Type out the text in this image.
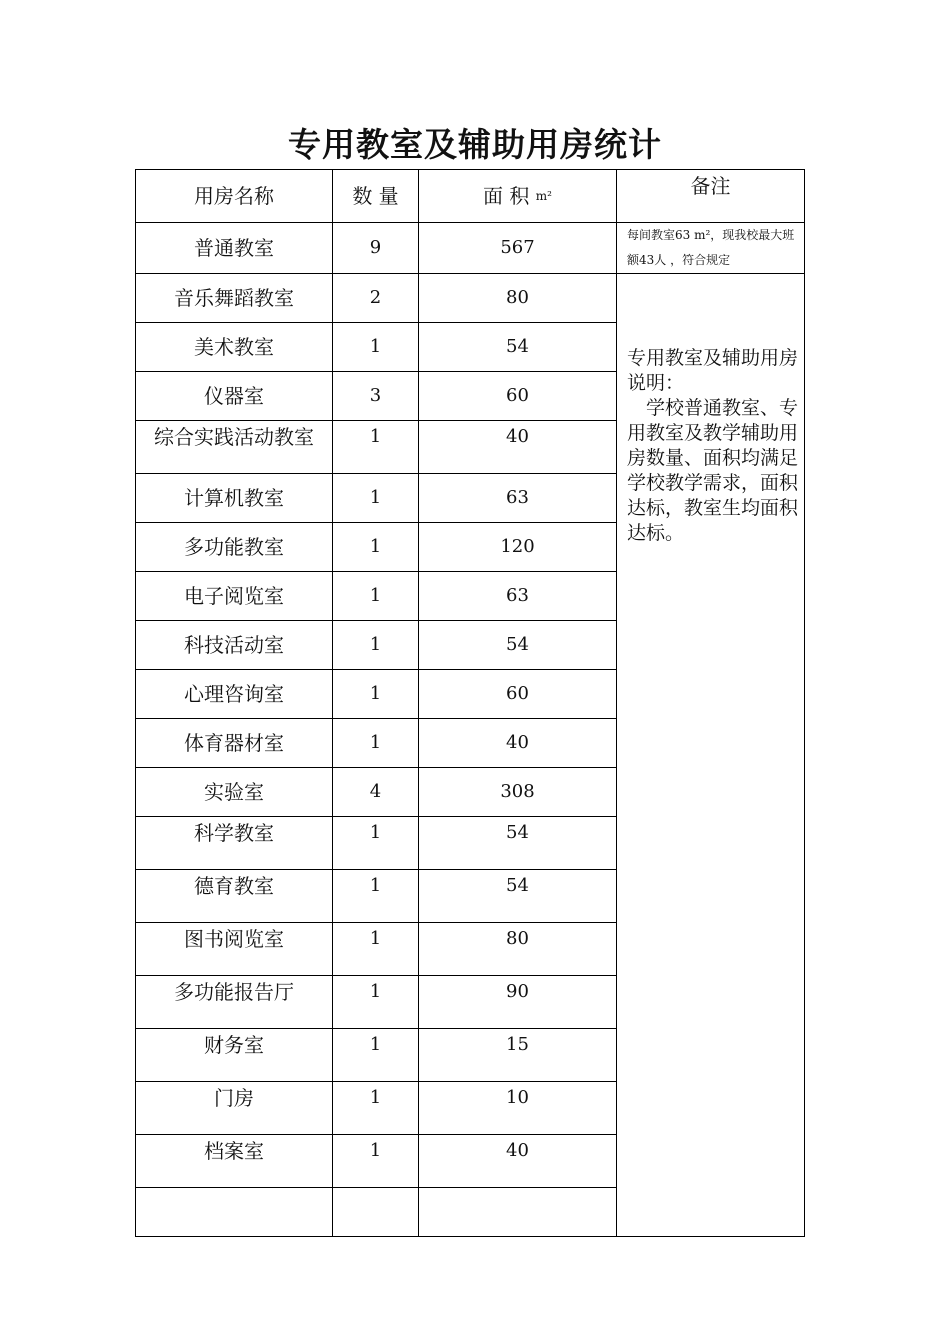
专用教室及辅助用房统计
用房名称	数 量	面 积 $^{m^2}$	备注
普通教室	9	567	每间教室63 m²，现我校最大班额43人 ，符合规定
音乐舞蹈教室	2	80	专用教室及辅助用房说明：
学校普通教室、专用教室及教学辅助用房数量、面积均满足学校教学需求，面积达标，教室生均面积达标。

美术教室	1	54	
仪器室	3	60	
综合实践活动教室	1	40	
计算机教室	1	63	
多功能教室	1	120	
电子阅览室	1	63	
科技活动室	1	54	
心理咨询室	1	60	
体育器材室	1	40	
实验室	4	308	
科学教室	1	54	
德育教室	1	54	
图书阅览室	1	80	
多功能报告厅	1	90	
财务室	1	15	
门房	1	10	
档案室	1	40	
